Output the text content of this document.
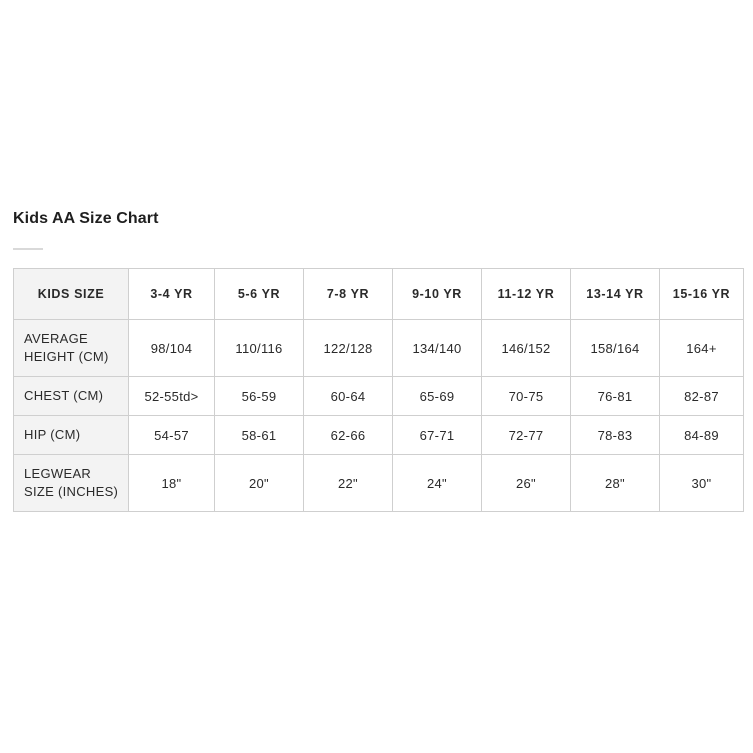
Kids AA Size Chart
KIDS SIZE	3-4 YR	5-6 YR	7-8 YR	9-10 YR	11-12 YR	13-14 YR	15-16 YR
AVERAGE HEIGHT (CM)	98/104	110/116	122/128	134/140	146/152	158/164	164+
CHEST (CM)	52-55td>	56-59	60-64	65-69	70-75	76-81	82-87
HIP (CM)	54-57	58-61	62-66	67-71	72-77	78-83	84-89
LEGWEAR SIZE (INCHES)	18"	20"	22"	24"	26"	28"	30"
